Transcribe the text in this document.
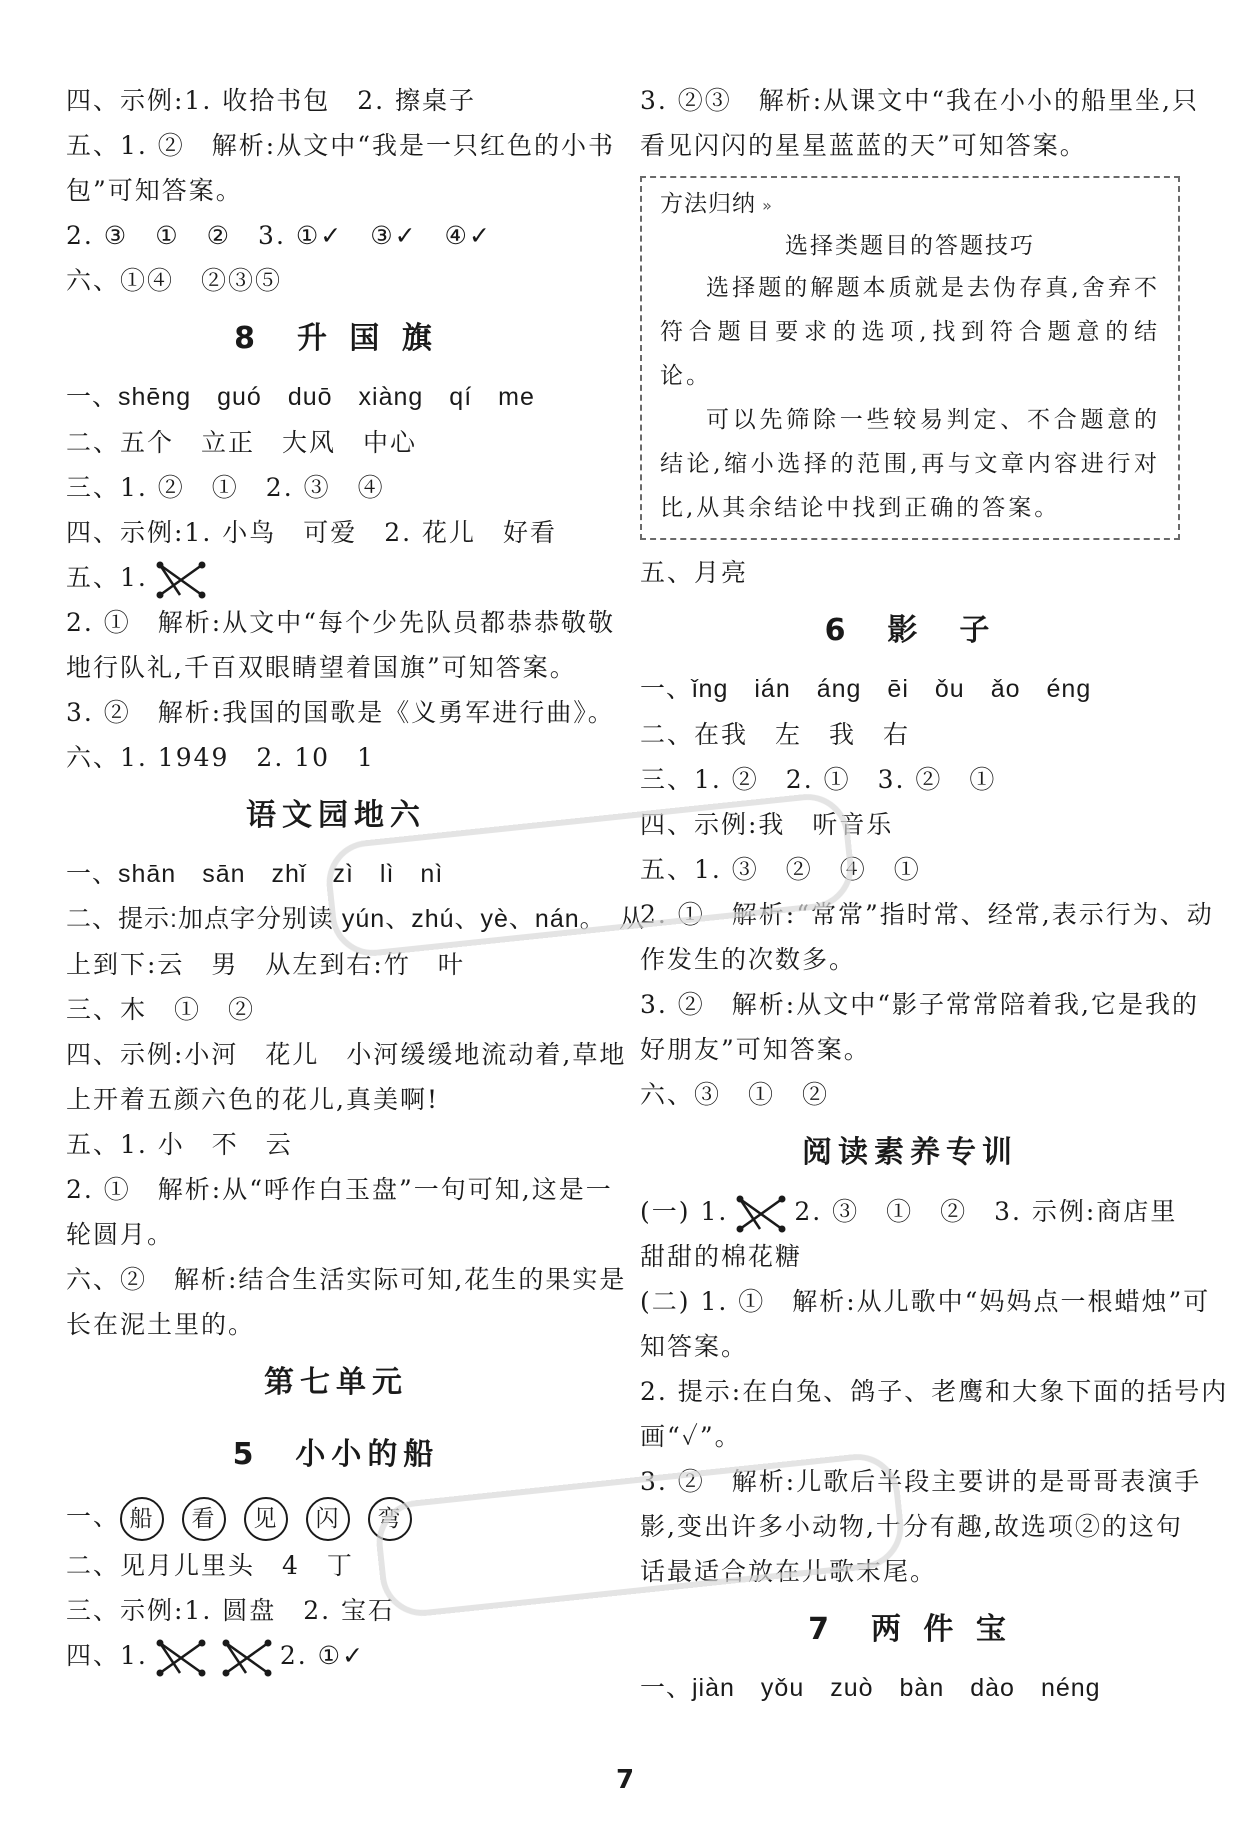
四、示例:1. 收拾书包　2. 擦桌子
五、1. ②　解析:从文中“我是一只红色的小书
包”可知答案。
2. ③　①　②　3. ①✓　③✓　④✓
六、①④　②③⑤
8　升 国 旗
一、shēng　guó　duō　xiàng　qí　me
二、五个　立正　大风　中心
三、1. ②　①　2. ③　④
四、示例:1. 小鸟　可爱　2. 花儿　好看
五、1.
2. ①　解析:从文中“每个少先队员都恭恭敬敬
地行队礼,千百双眼睛望着国旗”可知答案。
3. ②　解析:我国的国歌是《义勇军进行曲》。
六、1. 1949　2. 10　1
语文园地六
一、shān　sān　zhǐ　zì　lì　nì
二、提示:加点字分别读 yún、zhú、yè、nán。　从
上到下:云　男　从左到右:竹　叶
三、木　①　②
四、示例:小河　花儿　小河缓缓地流动着,草地
上开着五颜六色的花儿,真美啊!
五、1. 小　不　云
2. ①　解析:从“呼作白玉盘”一句可知,这是一
轮圆月。
六、②　解析:结合生活实际可知,花生的果实是
长在泥土里的。
第七单元
5　小小的船
一、 船 看 见 闪 弯
二、见月儿里头　4　丁
三、示例:1. 圆盘　2. 宝石
四、1.	2. ①✓
3. ②③　解析:从课文中“我在小小的船里坐,只
看见闪闪的星星蓝蓝的天”可知答案。
方法归纳 »
选择类题目的答题技巧
选择题的解题本质就是去伪存真,舍弃不符合题目要求的选项,找到符合题意的结论。
可以先筛除一些较易判定、不合题意的结论,缩小选择的范围,再与文章内容进行对比,从其余结论中找到正确的答案。
五、月亮
6　影　子
一、ǐng　ián　áng　ēi　ǒu　ǎo　éng
二、在我　左　我　右
三、1. ②　2. ①　3. ②　①
四、示例:我　听音乐
五、1. ③　②　④　①
2. ①　解析:“常常”指时常、经常,表示行为、动
作发生的次数多。
3. ②　解析:从文中“影子常常陪着我,它是我的
好朋友”可知答案。
六、③　①　②
阅读素养专训
(一) 1.	2. ③　①　②　3. 示例:商店里
甜甜的棉花糖
(二) 1. ①　解析:从儿歌中“妈妈点一根蜡烛”可
知答案。
2. 提示:在白兔、鸽子、老鹰和大象下面的括号内
画“✓”。
3. ②　解析:儿歌后半段主要讲的是哥哥表演手
影,变出许多小动物,十分有趣,故选项②的这句
话最适合放在儿歌末尾。
7　两 件 宝
一、jiàn　yǒu　zuò　bàn　dào　néng
7
